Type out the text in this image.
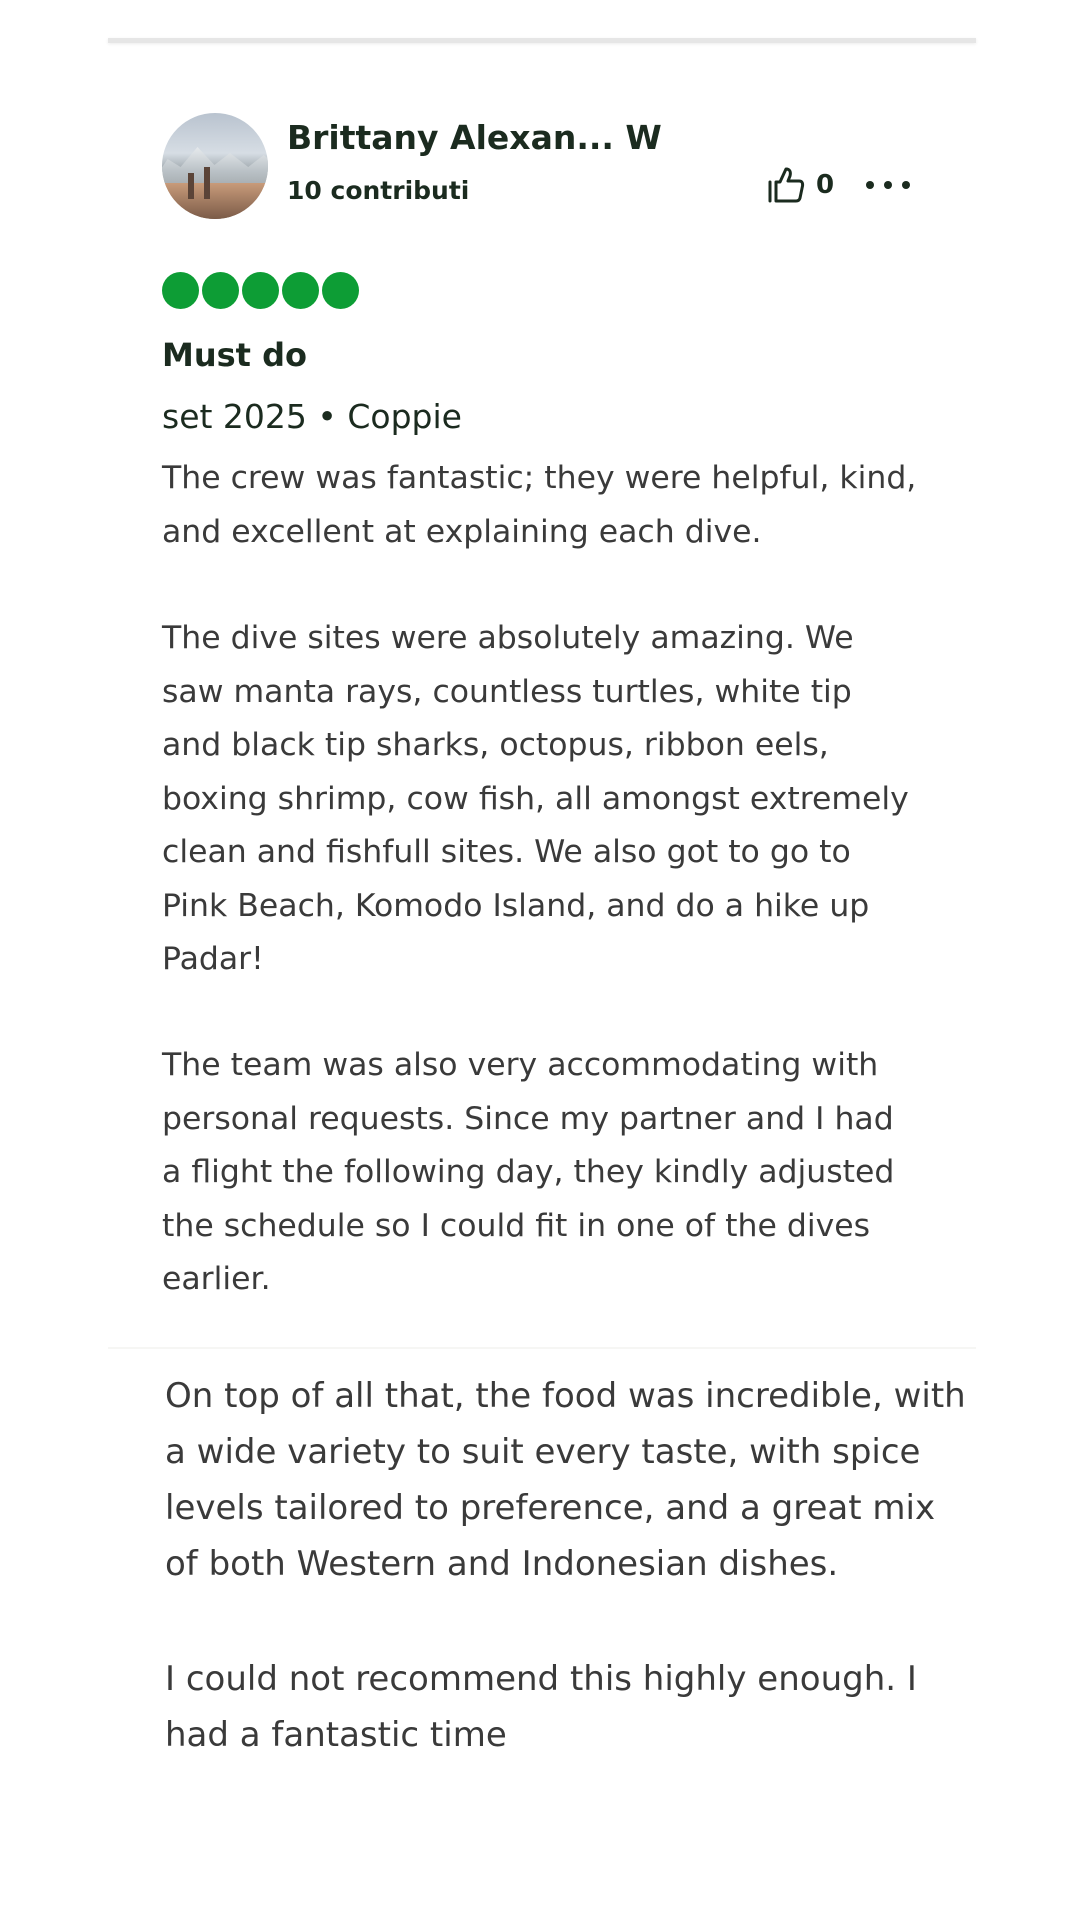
Brittany Alexan... W
10 contributi	0
Must do
set 2025 • Coppie

The crew was fantastic; they were helpful, kind,
and excellent at explaining each dive.

The dive sites were absolutely amazing. We
saw manta rays, countless turtles, white tip
and black tip sharks, octopus, ribbon eels,
boxing shrimp, cow fish, all amongst extremely
clean and fishfull sites. We also got to go to
Pink Beach, Komodo Island, and do a hike up
Padar!

The team was also very accommodating with
personal requests. Since my partner and I had
a flight the following day, they kindly adjusted
the schedule so I could fit in one of the dives
earlier.

On top of all that, the food was incredible, with
a wide variety to suit every taste, with spice
levels tailored to preference, and a great mix
of both Western and Indonesian dishes.

I could not recommend this highly enough. I
had a fantastic time
